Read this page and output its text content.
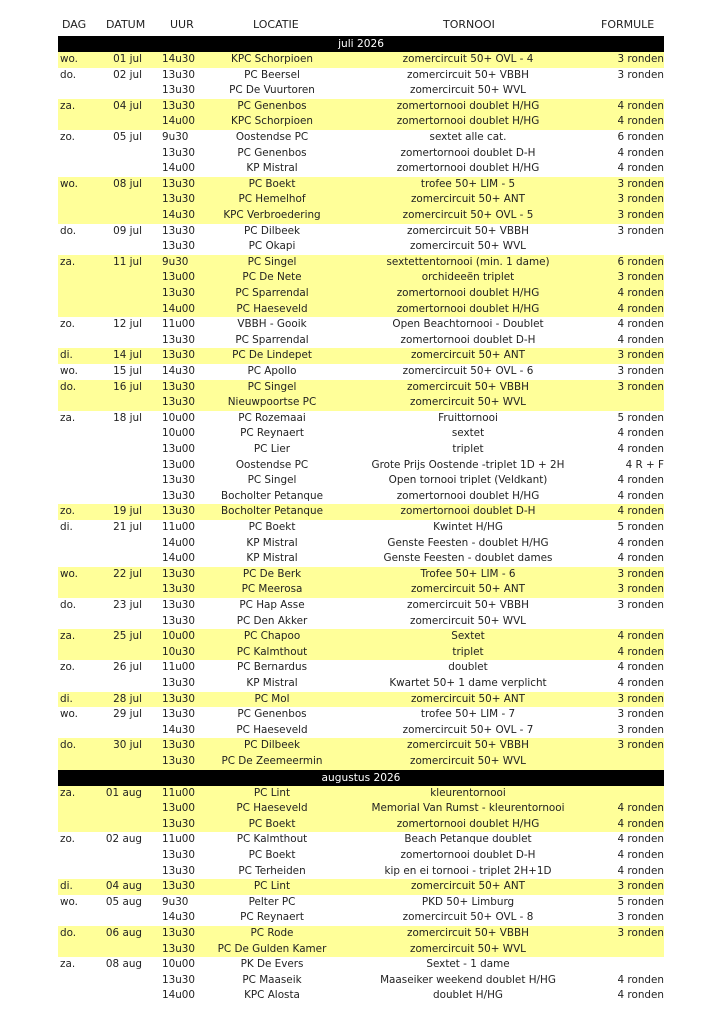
DAG DATUM UUR	LOCATIE	TORNOOI	FORMULE
juli 2026
wo.	01 jul 14u30	KPC Schorpioen	zomercircuit 50+ OVL - 4	3 ronden
do.	02 jul 13u30	PC Beersel	zomercircuit 50+ VBBH	3 ronden
13u30	PC De Vuurtoren	zomercircuit 50+ WVL
za.	04 jul 13u30	PC Genenbos	zomertornooi doublet H/HG	4 ronden
14u00	KPC Schorpioen	zomertornooi doublet H/HG	4 ronden
zo.	05 jul 9u30	Oostendse PC	sextet alle cat.	6 ronden
13u30	PC Genenbos	zomertornooi doublet D-H	4 ronden
14u00	KP Mistral	zomertornooi doublet H/HG	4 ronden
wo.	08 jul 13u30	PC Boekt	trofee 50+ LIM - 5	3 ronden
13u30	PC Hemelhof	zomercircuit 50+ ANT	3 ronden
14u30	KPC Verbroedering	zomercircuit 50+ OVL - 5	3 ronden
do.	09 jul 13u30	PC Dilbeek	zomercircuit 50+ VBBH	3 ronden
13u30	PC Okapi	zomercircuit 50+ WVL
za.	11 jul 9u30	PC Singel	sextettentornooi (min. 1 dame)	6 ronden
13u00	PC De Nete	orchideeën triplet	3 ronden
13u30	PC Sparrendal	zomertornooi doublet H/HG	4 ronden
14u00	PC Haeseveld	zomertornooi doublet H/HG	4 ronden
zo.	12 jul 11u00	VBBH - Gooik	Open Beachtornooi - Doublet	4 ronden
13u30	PC Sparrendal	zomertornooi doublet D-H	4 ronden
di.	14 jul 13u30	PC De Lindepet	zomercircuit 50+ ANT	3 ronden
wo.	15 jul 14u30	PC Apollo	zomercircuit 50+ OVL - 6	3 ronden
do.	16 jul 13u30	PC Singel	zomercircuit 50+ VBBH	3 ronden
13u30	Nieuwpoortse PC	zomercircuit 50+ WVL
za.	18 jul 10u00	PC Rozemaai	Fruittornooi	5 ronden
10u00	PC Reynaert	sextet	4 ronden
13u00	PC Lier	triplet	4 ronden
13u00	Oostendse PC	Grote Prijs Oostende -triplet 1D + 2H	4 R + F
13u30	PC Singel	Open tornooi triplet (Veldkant)	4 ronden
13u30	Bocholter Petanque	zomertornooi doublet H/HG	4 ronden
zo.	19 jul 13u30	Bocholter Petanque	zomertornooi doublet D-H	4 ronden
di.	21 jul 11u00	PC Boekt	Kwintet H/HG	5 ronden
14u00	KP Mistral	Genste Feesten - doublet H/HG	4 ronden
14u00	KP Mistral	Genste Feesten - doublet dames	4 ronden
wo.	22 jul 13u30	PC De Berk	Trofee 50+ LIM - 6	3 ronden
13u30	PC Meerosa	zomercircuit 50+ ANT	3 ronden
do.	23 jul 13u30	PC Hap Asse	zomercircuit 50+ VBBH	3 ronden
13u30	PC Den Akker	zomercircuit 50+ WVL
za.	25 jul 10u00	PC Chapoo	Sextet	4 ronden
10u30	PC Kalmthout	triplet	4 ronden
zo.	26 jul 11u00	PC Bernardus	doublet	4 ronden
13u30	KP Mistral	Kwartet 50+ 1 dame verplicht	4 ronden
di.	28 jul 13u30	PC Mol	zomercircuit 50+ ANT	3 ronden
wo.	29 jul 13u30	PC Genenbos	trofee 50+ LIM - 7	3 ronden
14u30	PC Haeseveld	zomercircuit 50+ OVL - 7	3 ronden
do.	30 jul 13u30	PC Dilbeek	zomercircuit 50+ VBBH	3 ronden
13u30	PC De Zeemeermin	zomercircuit 50+ WVL
augustus 2026
za.	01 aug 11u00	PC Lint	kleurentornooi
13u00	PC Haeseveld	Memorial Van Rumst - kleurentornooi	4 ronden
13u30	PC Boekt	zomertornooi doublet H/HG	4 ronden
zo.	02 aug 11u00	PC Kalmthout	Beach Petanque doublet	4 ronden
13u30	PC Boekt	zomertornooi doublet D-H	4 ronden
13u30	PC Terheiden	kip en ei tornooi - triplet 2H+1D	4 ronden
di.	04 aug 13u30	PC Lint	zomercircuit 50+ ANT	3 ronden
wo.	05 aug 9u30	Pelter PC	PKD 50+ Limburg	5 ronden
14u30	PC Reynaert	zomercircuit 50+ OVL - 8	3 ronden
do.	06 aug 13u30	PC Rode	zomercircuit 50+ VBBH	3 ronden
13u30	PC De Gulden Kamer	zomercircuit 50+ WVL
za.	08 aug 10u00	PK De Evers	Sextet - 1 dame
13u30	PC Maaseik	Maaseiker weekend doublet H/HG	4 ronden
14u00	KPC Alosta	doublet H/HG	4 ronden
